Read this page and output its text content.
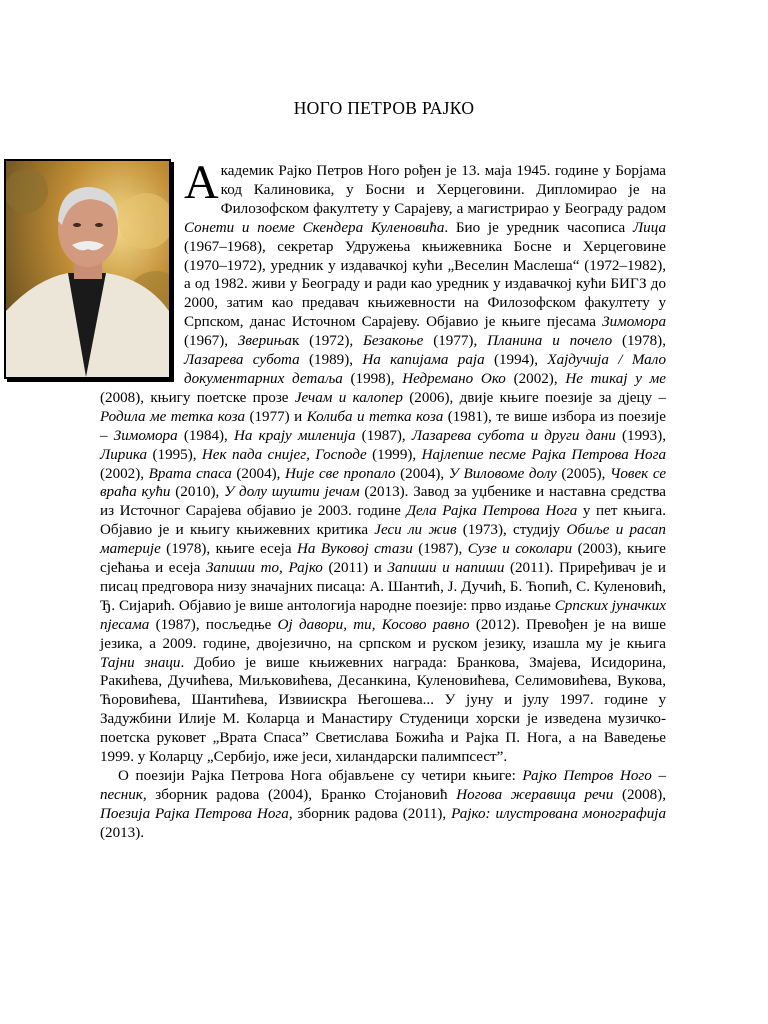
НОГО ПЕТРОВ РАЈКО

Академик Рајко Петров Ного рођен је 13. маја 1945. године у Борјама код Калиновика, у Босни и Херцеговини. Дипломирао је на Филозофском факултету у Сарајеву, а магистрирао у Београду радом Сонети и поеме Скендера Куленовића. Био је уредник часописа Лица (1967–1968), секретар Удружења књижевника Босне и Херцеговине (1970–1972), уредник у издавачкој кући „Веселин Маслеша“ (1972–1982), а од 1982. живи у Београду и ради као уредник у издавачкој кући БИГЗ до 2000, затим као предавач књижевности на Филозофском факултету у Српском, данас Источном Сарајеву. Објавио је књиге пјесама Зимомора (1967), Зверињак (1972), Безакоње (1977), Планина и почело (1978), Лазарева субота (1989), На капијама раја (1994), Хајдучија / Мало документарних детаља (1998), Недремано Око (2002), Не тикај у ме (2008), књигу поетске прозе Јечам и калопер (2006), двије књиге поезије за дјецу – Родила ме тетка коза (1977) и Колиба и тетка коза (1981), те више избора из поезије – Зимомора (1984), На крају миленија (1987), Лазарева субота и други дани (1993), Лирика (1995), Нек пада снијег, Господе (1999), Најлепше песме Рајка Петрова Нога (2002), Врата спаса (2004), Није све пропало (2004), У Виловоме долу (2005), Човек се враћа кући (2010), У долу шушти јечам (2013). Завод за уџбенике и наставна средства из Источног Сарајева објавио је 2003. године Дела Рајка Петрова Нога у пет књига. Објавио је и књигу књижевних критика Јеси ли жив (1973), студију Обиље и расап материје (1978), књиге есеја На Вуковој стази (1987), Сузе и соколари (2003), књиге сјећања и есеја Запиши то, Рајко (2011) и Запиши и напиши (2011). Приређивач је и писац предговора низу значајних писаца: А. Шантић, Ј. Дучић, Б. Ћопић, С. Куленовић, Ђ. Сијарић. Објавио је више антологија народне поезије: прво издање Српских јуначких пјесама (1987), посљедње Ој давори, ти, Косово равно (2012). Превођен је на више језика, а 2009. године, двојезично, на српском и руском језику, изашла му је књига Тајни знаци. Добио је више књижевних награда: Бранкова, Змајева, Исидорина, Ракићева, Дучићева, Миљковићева, Десанкина, Куленовићева, Селимовићева, Вукова, Ћоровићева, Шантићева, Извиискра Његошева... У јуну и јулу 1997. године у Задужбини Илије М. Коларца и Манастиру Студеници хорски је изведена музичко-поетска руковет „Врата Спаса” Светислава Божића и Рајка П. Нога, а на Ваведење 1999. у Коларцу „Сербијо, иже јеси, хиландарски палимпсест”.

О поезији Рајка Петрова Нога објављене су четири књиге: Рајко Петров Ного – песник, зборник радова (2004), Бранко Стојановић Ногова жеравица речи (2008), Поезија Рајка Петрова Нога, зборник радова (2011), Рајко: илустрована монографија (2013).
